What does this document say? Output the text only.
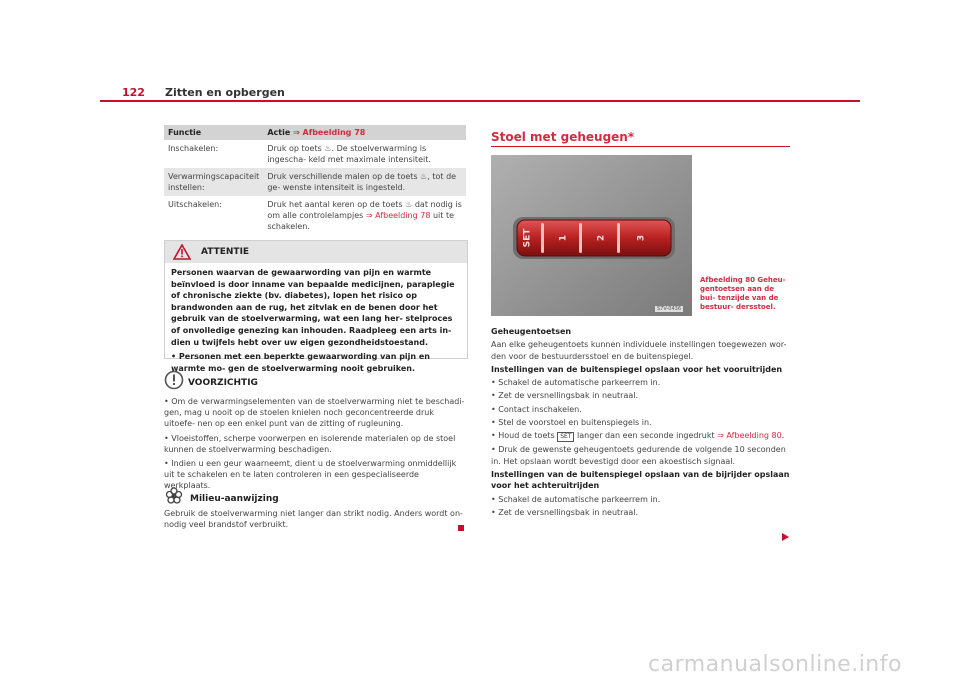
122 Zitten en opbergen
Functie	Actie ⇒ Afbeelding 78
Inschakelen:	Druk op toets ♨. De stoelverwarming is ingescha- keld met maximale intensiteit.
Verwarmingscapaciteit instellen:	Druk verschillende malen op de toets ♨, tot de ge- wenste intensiteit is ingesteld.
Uitschakelen:	Druk het aantal keren op de toets ♨ dat nodig is om alle controlelampjes ⇒ Afbeelding 78 uit te schakelen.
ATTENTIE

Personen waarvan de gewaarwording van pijn en warmte beïnvloed is door inname van bepaalde medicijnen, paraplegie of chronische ziekte (bv. diabetes), lopen het risico op brandwonden aan de rug, het zitvlak en de benen door het gebruik van de stoelverwarming, wat een lang her- stelproces of onvolledige genezing kan inhouden. Raadpleeg een arts in- dien u twijfels hebt over uw eigen gezondheidstoestand.

• Personen met een beperkte gewaarwording van pijn en warmte mo- gen de stoelverwarming nooit gebruiken.

VOORZICHTIG

• Om de verwarmingselementen van de stoelverwarming niet te beschadi- gen, mag u nooit op de stoelen knielen noch geconcentreerde druk uitoefe- nen op een enkel punt van de zitting of rugleuning.

• Vloeistoffen, scherpe voorwerpen en isolerende materialen op de stoel kunnen de stoelverwarming beschadigen.

• Indien u een geur waarneemt, dient u de stoelverwarming onmiddellijk uit te schakelen en te laten controleren in een gespecialiseerde werkplaats.

Milieu-aanwijzing
Gebruik de stoelverwarming niet langer dan strikt nodig. Anders wordt on- nodig veel brandstof verbruikt.
Stoel met geheugen*
SET	1	2	3
S7V-0436
Afbeelding 80 Geheu- gentoetsen aan de bui- tenzijde van de bestuur- dersstoel.

Geheugentoetsen

Aan elke geheugentoets kunnen individuele instellingen toegewezen wor- den voor de bestuurdersstoel en de buitenspiegel.

Instellingen van de buitenspiegel opslaan voor het vooruitrijden

• Schakel de automatische parkeerrem in.

• Zet de versnellingsbak in neutraal.

• Contact inschakelen.

• Stel de voorstoel en buitenspiegels in.

• Houd de toets SET langer dan een seconde ingedrukt ⇒ Afbeelding 80.

• Druk de gewenste geheugentoets gedurende de volgende 10 seconden in. Het opslaan wordt bevestigd door een akoestisch signaal.

Instellingen van de buitenspiegel opslaan van de bijrijder opslaan voor het achteruitrijden

• Schakel de automatische parkeerrem in.

• Zet de versnellingsbak in neutraal.

carmanualsonline.info
